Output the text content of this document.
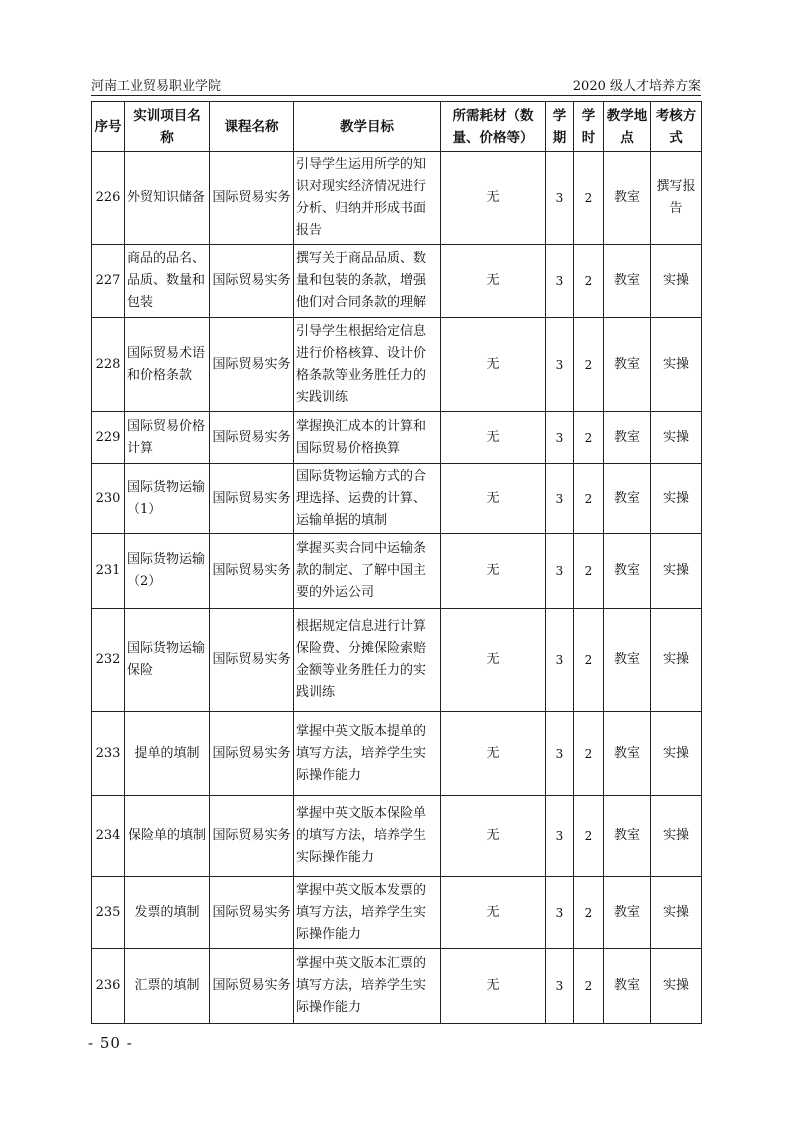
河南工业贸易职业学院	2020 级人才培养方案
序号	实训项目名称	课程名称	教学目标	所需耗材（数量、价格等）	学期	学时	教学地点	考核方式
226	外贸知识储备	国际贸易实务	引导学生运用所学的知识对现实经济情况进行分析、归纳并形成书面报告	无	3	2	教室	撰写报告
227	商品的品名、品质、数量和包装	国际贸易实务	撰写关于商品品质、数量和包装的条款，增强他们对合同条款的理解	无	3	2	教室	实操
228	国际贸易术语和价格条款	国际贸易实务	引导学生根据给定信息进行价格核算、设计价格条款等业务胜任力的实践训练	无	3	2	教室	实操
229	国际贸易价格计算	国际贸易实务	掌握换汇成本的计算和国际贸易价格换算	无	3	2	教室	实操
230	国际货物运输（1）	国际贸易实务	国际货物运输方式的合理选择、运费的计算、运输单据的填制	无	3	2	教室	实操
231	国际货物运输（2）	国际贸易实务	掌握买卖合同中运输条款的制定、了解中国主要的外运公司	无	3	2	教室	实操
232	国际货物运输保险	国际贸易实务	根据规定信息进行计算保险费、分摊保险索赔金额等业务胜任力的实践训练	无	3	2	教室	实操
233	提单的填制	国际贸易实务	掌握中英文版本提单的填写方法，培养学生实际操作能力	无	3	2	教室	实操
234	保险单的填制	国际贸易实务	掌握中英文版本保险单的填写方法，培养学生实际操作能力	无	3	2	教室	实操
235	发票的填制	国际贸易实务	掌握中英文版本发票的填写方法，培养学生实际操作能力	无	3	2	教室	实操
236	汇票的填制	国际贸易实务	掌握中英文版本汇票的填写方法，培养学生实际操作能力	无	3	2	教室	实操
- 50 -
